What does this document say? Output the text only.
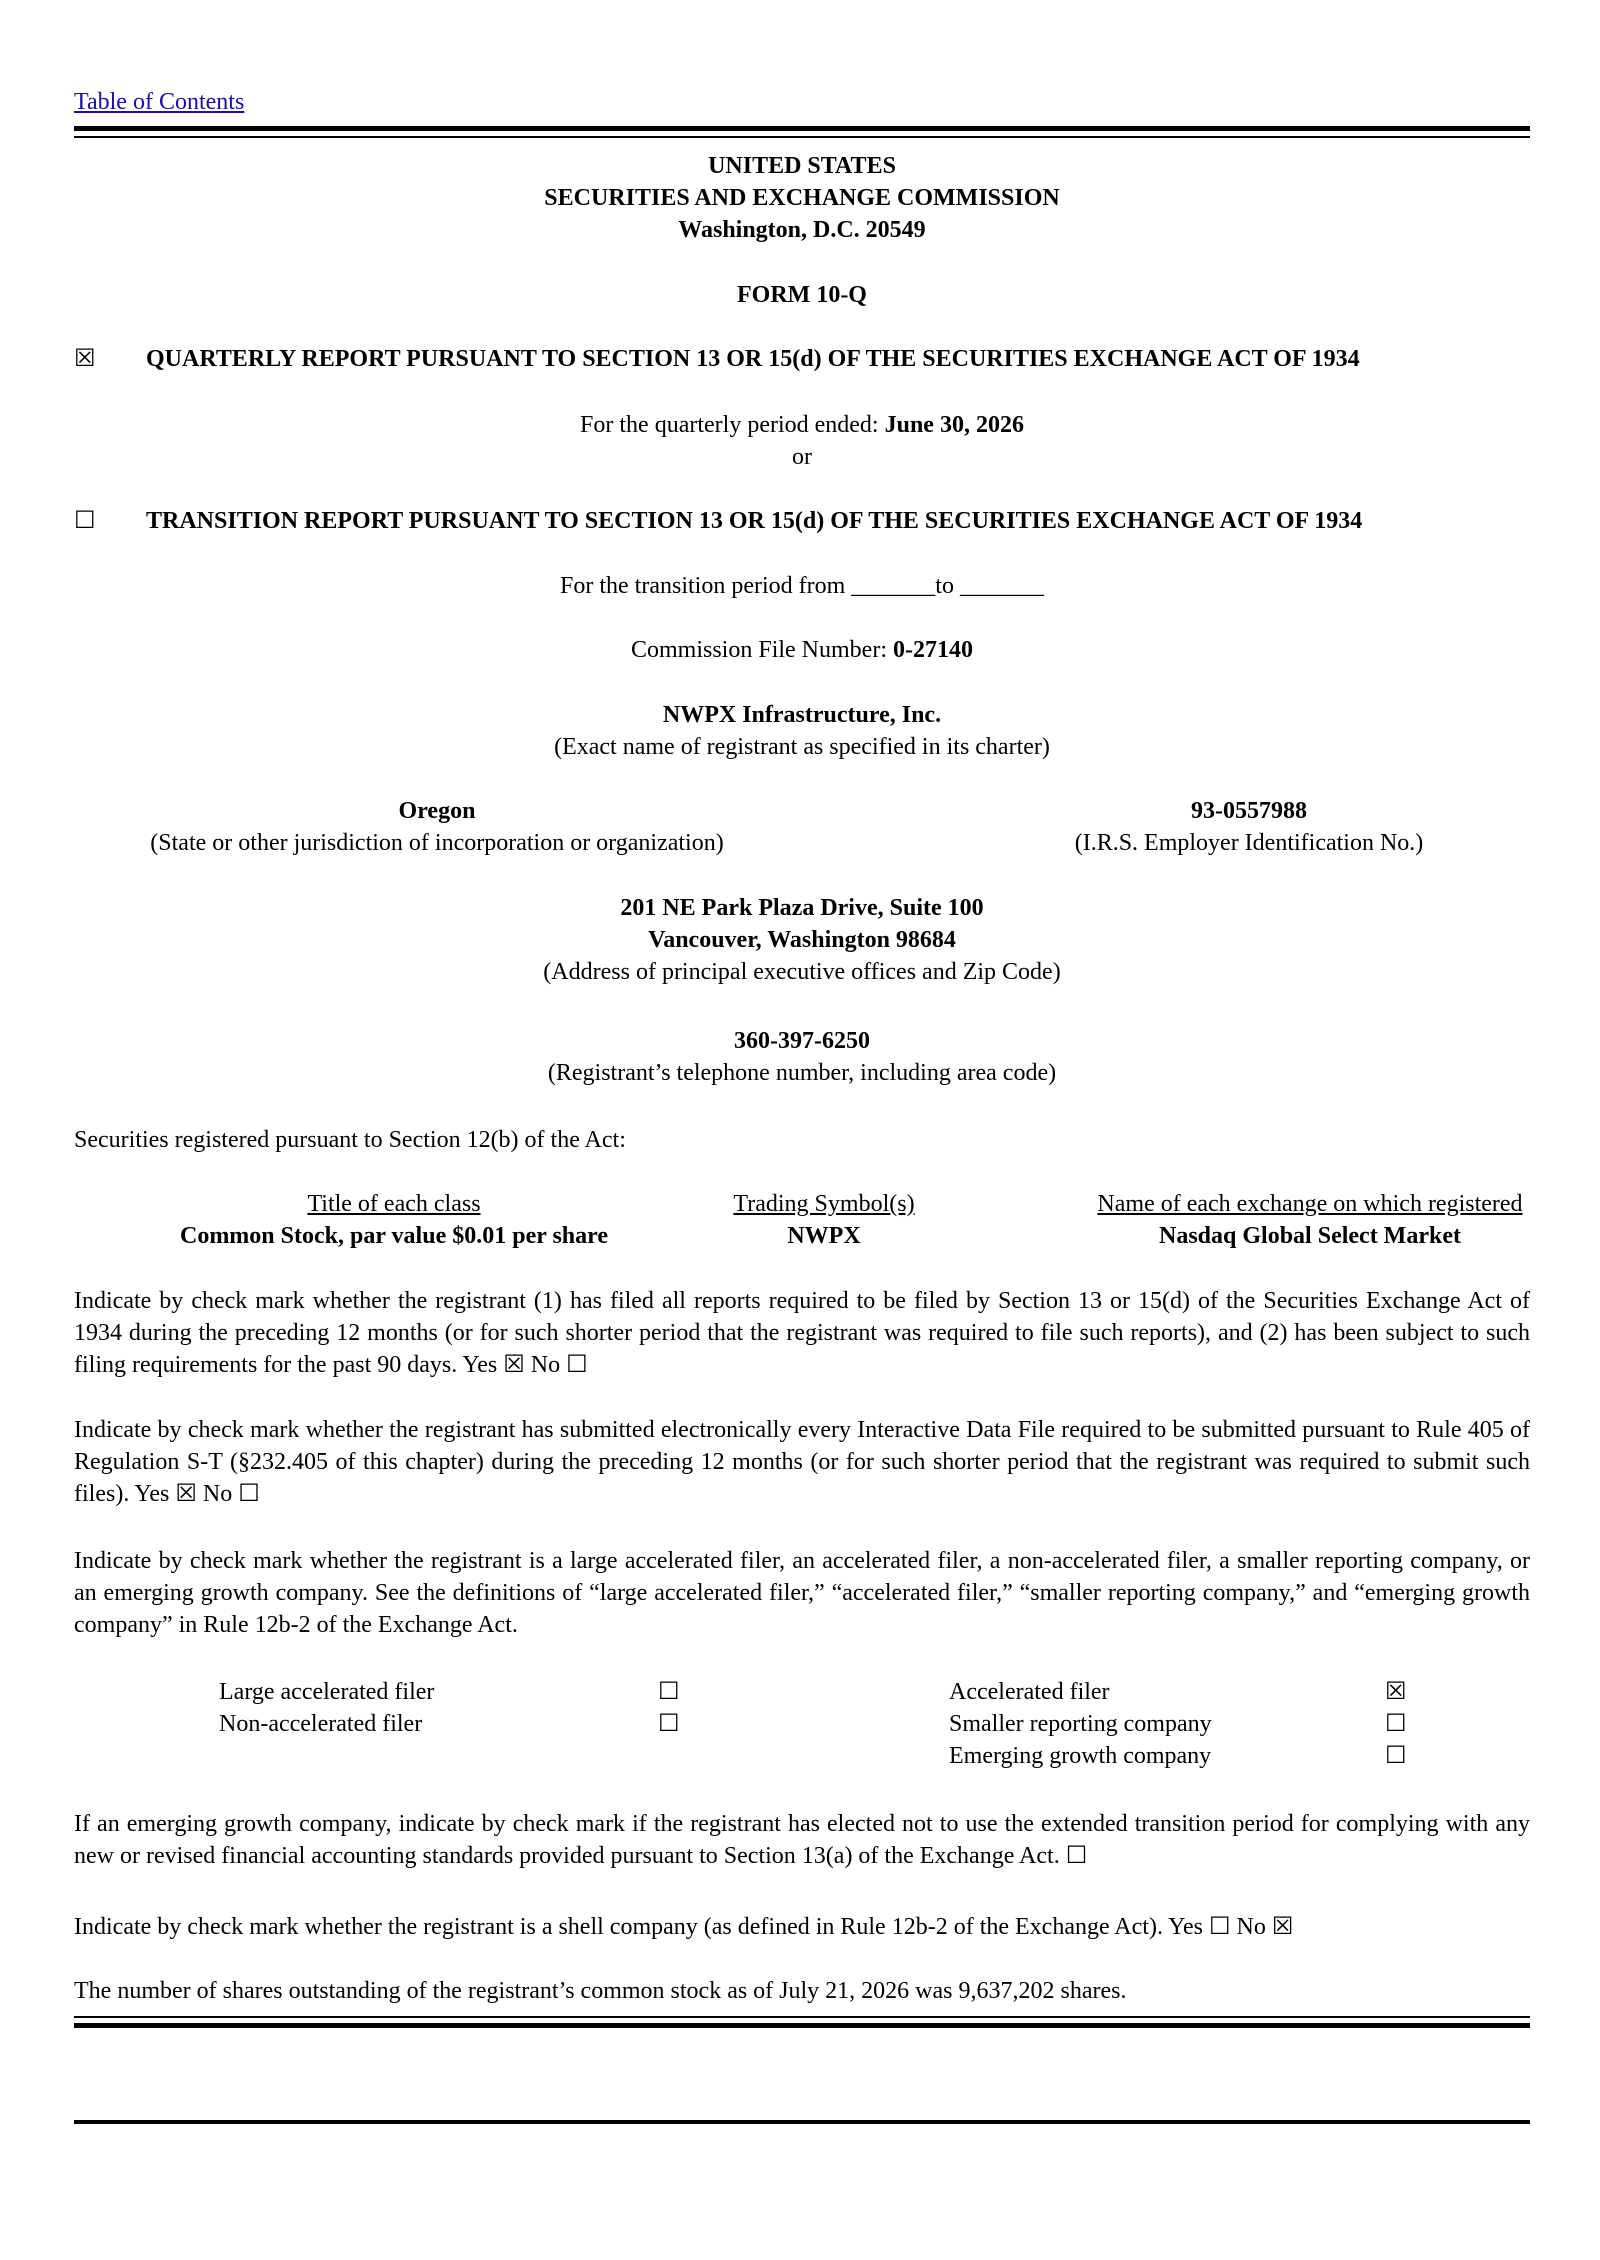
Table of Contents
UNITED STATES
SECURITIES AND EXCHANGE COMMISSION
Washington, D.C. 20549
FORM 10-Q
☒	QUARTERLY REPORT PURSUANT TO SECTION 13 OR 15(d) OF THE SECURITIES EXCHANGE ACT OF 1934
For the quarterly period ended: June 30, 2026
or
☐	TRANSITION REPORT PURSUANT TO SECTION 13 OR 15(d) OF THE SECURITIES EXCHANGE ACT OF 1934
For the transition period from _______to _______
Commission File Number: 0-27140
NWPX Infrastructure, Inc.
(Exact name of registrant as specified in its charter)
Oregon	93-0557988
(State or other jurisdiction of incorporation or organization)	(I.R.S. Employer Identification No.)
201 NE Park Plaza Drive, Suite 100
Vancouver, Washington 98684
(Address of principal executive offices and Zip Code)
360-397-6250
(Registrant’s telephone number, including area code)
Securities registered pursuant to Section 12(b) of the Act:
Title of each class	Trading Symbol(s)	Name of each exchange on which registered
Common Stock, par value $0.01 per share	NWPX	Nasdaq Global Select Market
Indicate by check mark whether the registrant (1) has filed all reports required to be filed by Section 13 or 15(d) of the Securities Exchange Act of 1934 during the preceding 12 months (or for such shorter period that the registrant was required to file such reports), and (2) has been subject to such filing requirements for the past 90 days. Yes ☒ No ☐
Indicate by check mark whether the registrant has submitted electronically every Interactive Data File required to be submitted pursuant to Rule 405 of Regulation S-T (§232.405 of this chapter) during the preceding 12 months (or for such shorter period that the registrant was required to submit such files). Yes ☒ No ☐
Indicate by check mark whether the registrant is a large accelerated filer, an accelerated filer, a non-accelerated filer, a smaller reporting company, or an emerging growth company. See the definitions of “large accelerated filer,” “accelerated filer,” “smaller reporting company,” and “emerging growth company” in Rule 12b-2 of the Exchange Act.
Large accelerated filer	☐
Non-accelerated filer	☐
Accelerated filer	☒
Smaller reporting company	☐
Emerging growth company	☐
If an emerging growth company, indicate by check mark if the registrant has elected not to use the extended transition period for complying with any new or revised financial accounting standards provided pursuant to Section 13(a) of the Exchange Act. ☐
Indicate by check mark whether the registrant is a shell company (as defined in Rule 12b-2 of the Exchange Act). Yes ☐ No ☒
The number of shares outstanding of the registrant’s common stock as of July 21, 2026 was 9,637,202 shares.
